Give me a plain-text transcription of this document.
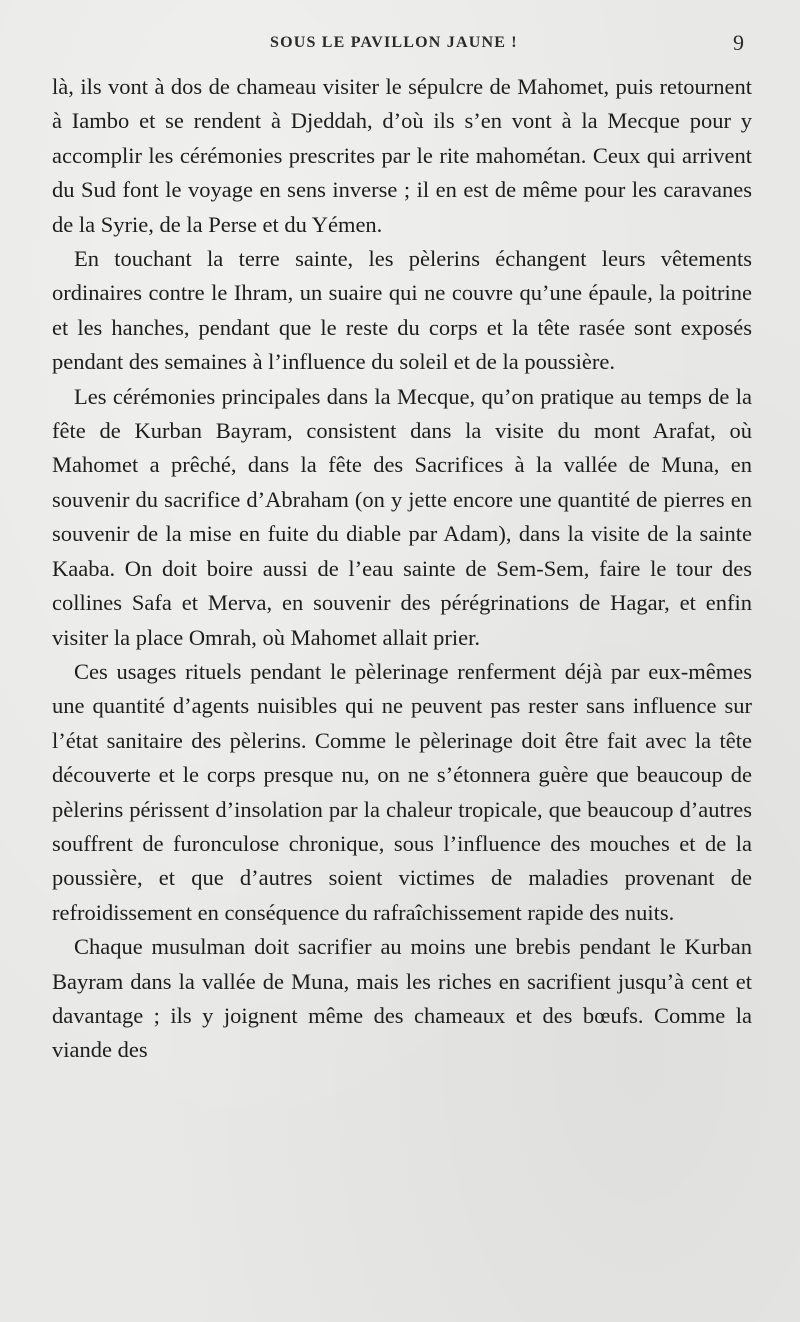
SOUS LE PAVILLON JAUNE !	9

là, ils vont à dos de chameau visiter le sépulcre de Mahomet, puis retournent à Iambo et se rendent à Djeddah, d’où ils s’en vont à la Mecque pour y accomplir les cérémonies prescrites par le rite mahométan. Ceux qui arrivent du Sud font le voyage en sens inverse ; il en est de même pour les caravanes de la Syrie, de la Perse et du Yémen.

En touchant la terre sainte, les pèlerins échangent leurs vêtements ordinaires contre le Ihram, un suaire qui ne couvre qu’une épaule, la poitrine et les hanches, pendant que le reste du corps et la tête rasée sont exposés pendant des semaines à l’influence du soleil et de la poussière.

Les cérémonies principales dans la Mecque, qu’on pratique au temps de la fête de Kurban Bayram, consistent dans la visite du mont Arafat, où Mahomet a prêché, dans la fête des Sacrifices à la vallée de Muna, en souvenir du sacrifice d’Abraham (on y jette encore une quantité de pierres en souvenir de la mise en fuite du diable par Adam), dans la visite de la sainte Kaaba. On doit boire aussi de l’eau sainte de Sem-Sem, faire le tour des collines Safa et Merva, en souvenir des pérégrinations de Hagar, et enfin visiter la place Omrah, où Mahomet allait prier.

Ces usages rituels pendant le pèlerinage renferment déjà par eux-mêmes une quantité d’agents nuisibles qui ne peuvent pas rester sans influence sur l’état sanitaire des pèlerins. Comme le pèlerinage doit être fait avec la tête découverte et le corps presque nu, on ne s’étonnera guère que beaucoup de pèlerins périssent d’insolation par la chaleur tropicale, que beaucoup d’autres souffrent de furonculose chronique, sous l’influence des mouches et de la poussière, et que d’autres soient victimes de maladies provenant de refroidissement en conséquence du rafraîchissement rapide des nuits.

Chaque musulman doit sacrifier au moins une brebis pendant le Kurban Bayram dans la vallée de Muna, mais les riches en sacrifient jusqu’à cent et davantage ; ils y joignent même des chameaux et des bœufs. Comme la viande des
